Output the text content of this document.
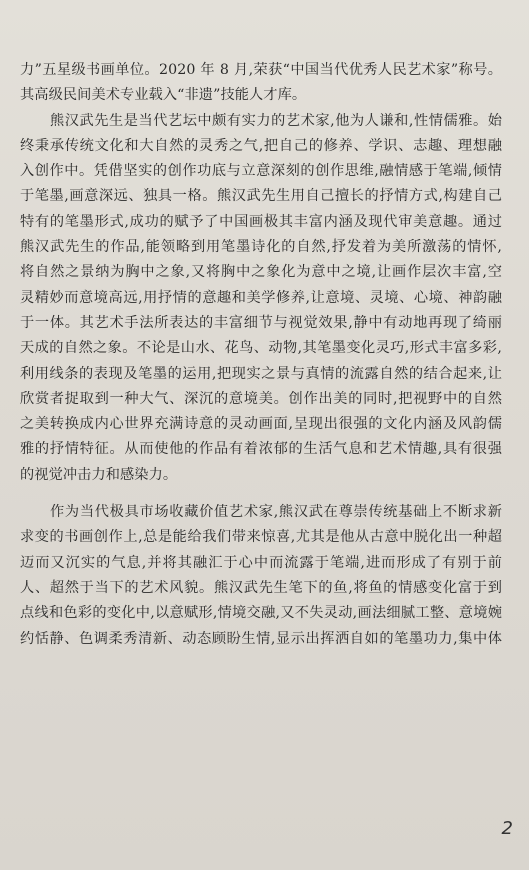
力”五星级书画单位。2020 年 8 月,荣获“中国当代优秀人民艺术家”称号。
其高级民间美术专业载入“非遗”技能人才库。
熊汉武先生是当代艺坛中颇有实力的艺术家,他为人谦和,性情儒雅。始
终秉承传统文化和大自然的灵秀之气,把自己的修养、学识、志趣、理想融
入创作中。凭借坚实的创作功底与立意深刻的创作思维,融情感于笔端,倾情
于笔墨,画意深远、独具一格。熊汉武先生用自己擅长的抒情方式,构建自己
特有的笔墨形式,成功的赋予了中国画极其丰富内涵及现代审美意趣。通过
熊汉武先生的作品,能领略到用笔墨诗化的自然,抒发着为美所激荡的情怀,
将自然之景纳为胸中之象,又将胸中之象化为意中之境,让画作层次丰富,空
灵精妙而意境高远,用抒情的意趣和美学修养,让意境、灵境、心境、神韵融
于一体。其艺术手法所表达的丰富细节与视觉效果,静中有动地再现了绮丽
天成的自然之象。不论是山水、花鸟、动物,其笔墨变化灵巧,形式丰富多彩,
利用线条的表现及笔墨的运用,把现实之景与真情的流露自然的结合起来,让
欣赏者捉取到一种大气、深沉的意境美。创作出美的同时,把视野中的自然
之美转换成内心世界充满诗意的灵动画面,呈现出很强的文化内涵及风韵儒
雅的抒情特征。从而使他的作品有着浓郁的生活气息和艺术情趣,具有很强
的视觉冲击力和感染力。
作为当代极具市场收藏价值艺术家,熊汉武在尊崇传统基础上不断求新
求变的书画创作上,总是能给我们带来惊喜,尤其是他从古意中脱化出一种超
迈而又沉实的气息,并将其融汇于心中而流露于笔端,进而形成了有别于前
人、超然于当下的艺术风貌。熊汉武先生笔下的鱼,将鱼的情感变化富于到
点线和色彩的变化中,以意赋形,情境交融,又不失灵动,画法细腻工整、意境婉
约恬静、色调柔秀清新、动态顾盼生情,显示出挥洒自如的笔墨功力,集中体
2
